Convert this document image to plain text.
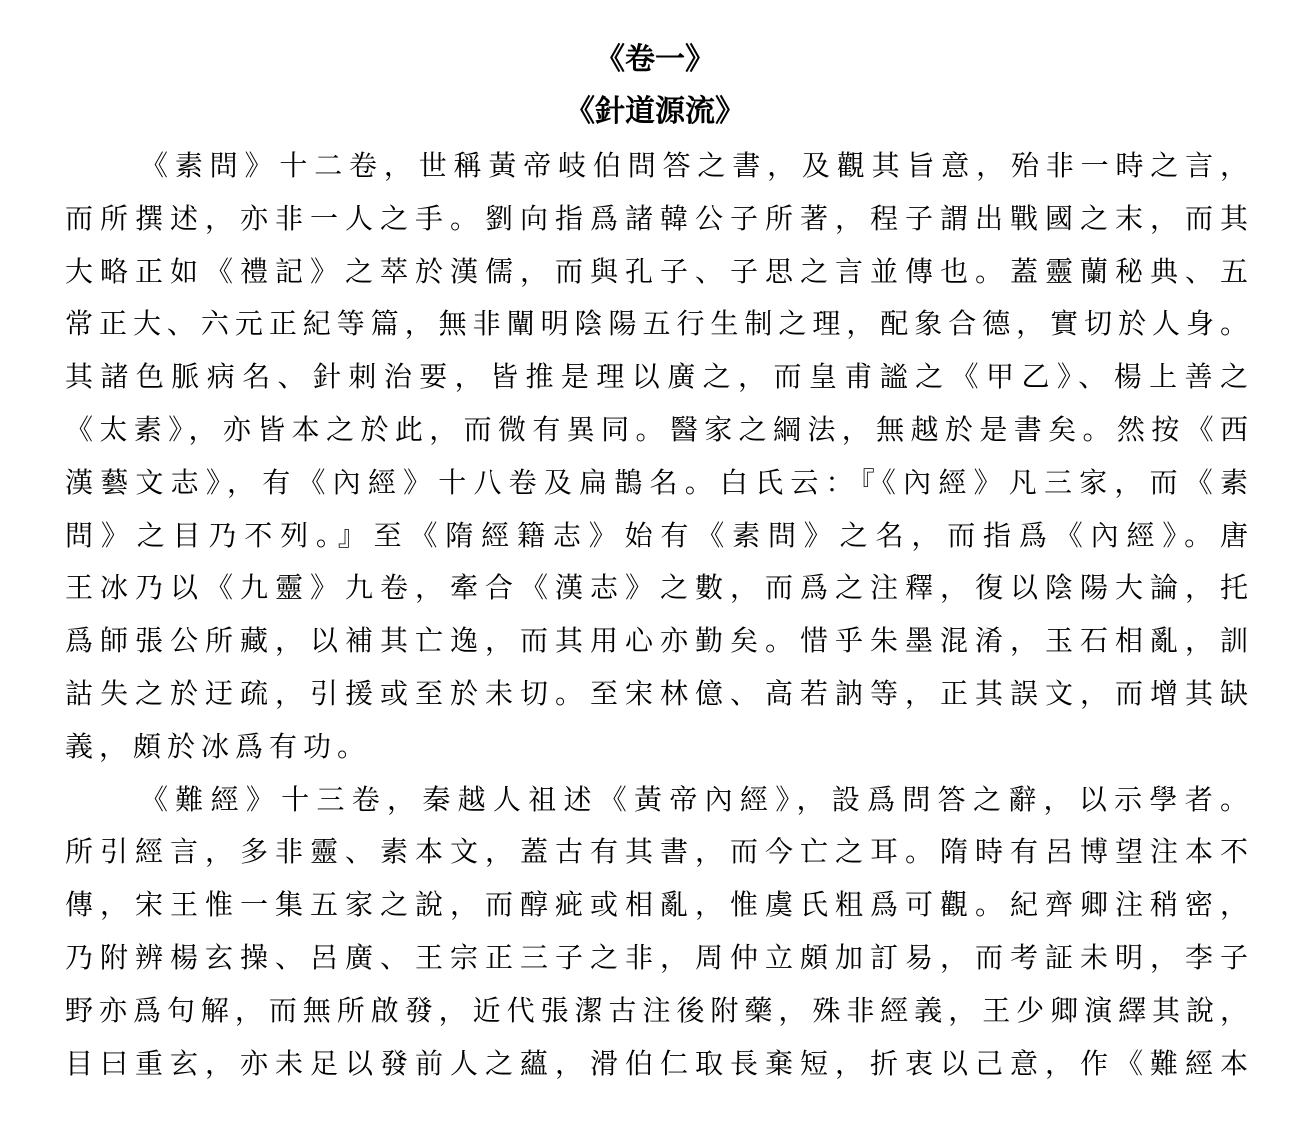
《卷一》
《針道源流》
《素問》十二卷，世稱黃帝岐伯問答之書，及觀其旨意，殆非一時之言，
而所撰述，亦非一人之手。劉向指爲諸韓公子所著，程子謂出戰國之末，而其
大略正如《禮記》之萃於漢儒，而與孔子、子思之言並傳也。蓋靈蘭秘典、五
常正大、六元正紀等篇，無非闡明陰陽五行生制之理，配象合德，實切於人身。
其諸色脈病名、針刺治要，皆推是理以廣之，而皇甫謐之《甲乙》、楊上善之
《太素》，亦皆本之於此，而微有異同。醫家之綱法，無越於是書矣。然按《西
漢藝文志》，有《內經》十八卷及扁鵲名。白氏云：『《內經》凡三家，而《素
問》之目乃不列。』至《隋經籍志》始有《素問》之名，而指爲《內經》。唐
王冰乃以《九靈》九卷，牽合《漢志》之數，而爲之注釋，復以陰陽大論，托
爲師張公所藏，以補其亡逸，而其用心亦勤矣。惜乎朱墨混淆，玉石相亂，訓
詁失之於迂疏，引援或至於未切。至宋林億、高若訥等，正其誤文，而增其缺
義，頗於冰爲有功。
《難經》十三卷，秦越人祖述《黃帝內經》，設爲問答之辭，以示學者。
所引經言，多非靈、素本文，蓋古有其書，而今亡之耳。隋時有呂博望注本不
傳，宋王惟一集五家之說，而醇疵或相亂，惟虞氏粗爲可觀。紀齊卿注稍密，
乃附辨楊玄操、呂廣、王宗正三子之非，周仲立頗加訂易，而考証未明，李子
野亦爲句解，而無所啟發，近代張潔古注後附藥，殊非經義，王少卿演繹其說，
目曰重玄，亦未足以發前人之蘊，滑伯仁取長棄短，折衷以己意，作《難經本
